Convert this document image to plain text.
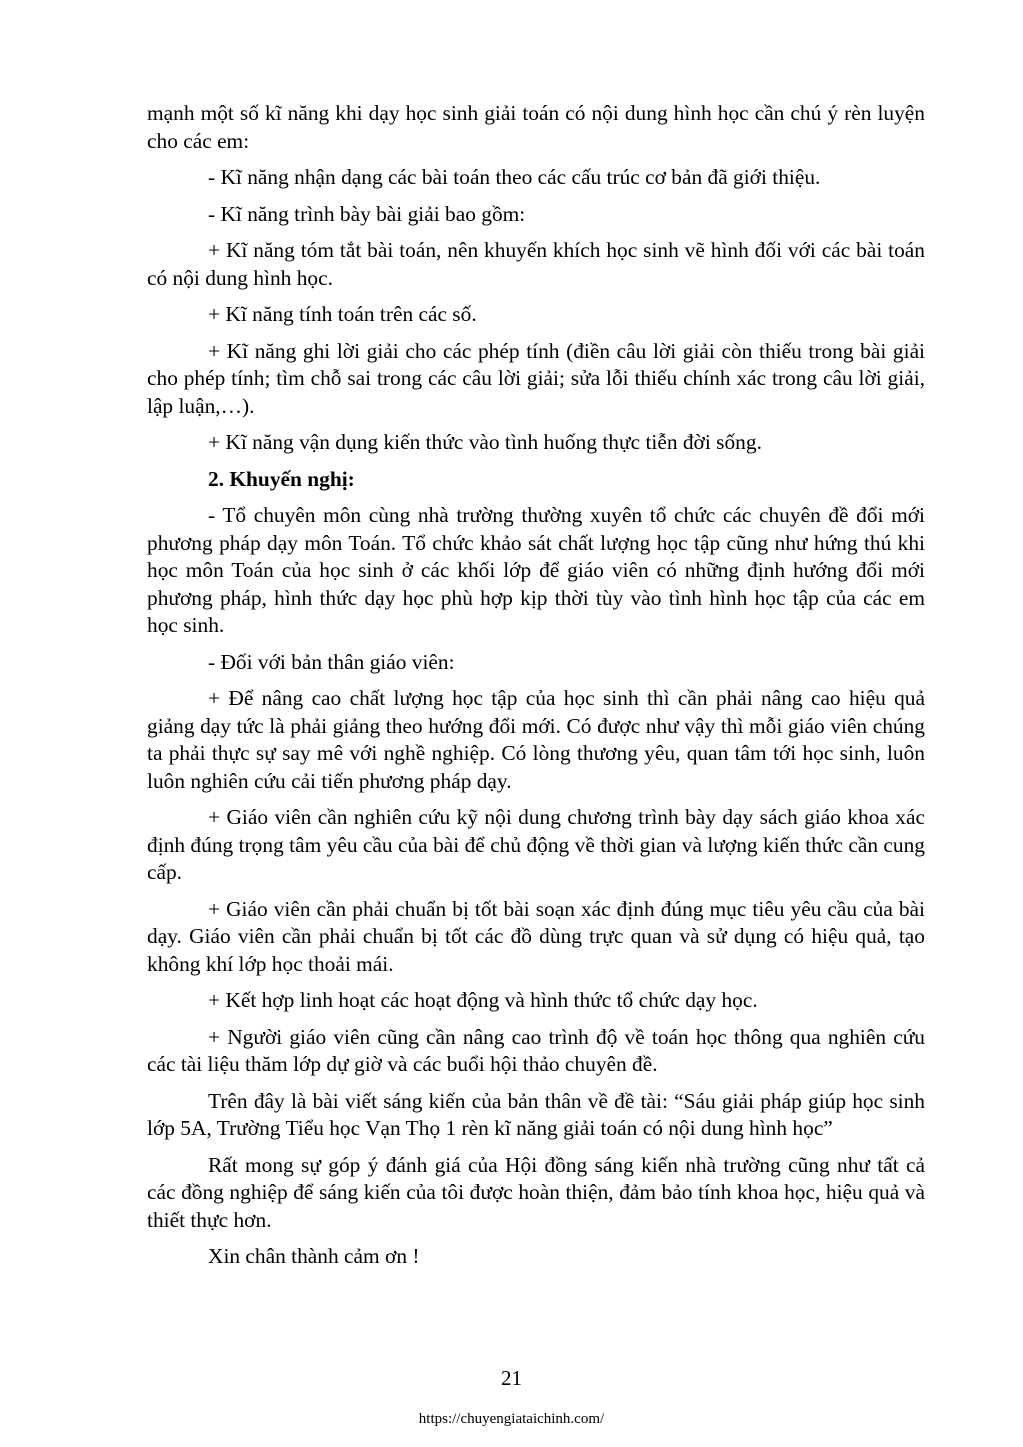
mạnh một số kĩ năng khi dạy học sinh giải toán có nội dung hình học cần chú ý rèn luyện cho các em:

- Kĩ năng nhận dạng các bài toán theo các cấu trúc cơ bản đã giới thiệu.

- Kĩ năng trình bày bài giải bao gồm:

+ Kĩ năng tóm tắt bài toán, nên khuyến khích học sinh vẽ hình đối với các bài toán có nội dung hình học.

+ Kĩ năng tính toán trên các số.

+ Kĩ năng ghi lời giải cho các phép tính (điền câu lời giải còn thiếu trong bài giải cho phép tính; tìm chỗ sai trong các câu lời giải; sửa lỗi thiếu chính xác trong câu lời giải, lập luận,…).

+ Kĩ năng vận dụng kiến thức vào tình huống thực tiễn đời sống.

2. Khuyến nghị:

- Tổ chuyên môn cùng nhà trường thường xuyên tổ chức các chuyên đề đổi mới phương pháp dạy môn Toán. Tổ chức khảo sát chất lượng học tập cũng như hứng thú khi học môn Toán của học sinh ở các khối lớp để giáo viên có những định hướng đổi mới phương pháp, hình thức dạy học phù hợp kịp thời tùy vào tình hình học tập của các em học sinh.

- Đối với bản thân giáo viên:

+ Để nâng cao chất lượng học tập của học sinh thì cần phải nâng cao hiệu quả giảng dạy tức là phải giảng theo hướng đổi mới. Có được như vậy thì mỗi giáo viên chúng ta phải thực sự say mê với nghề nghiệp. Có lòng thương yêu, quan tâm tới học sinh, luôn luôn nghiên cứu cải tiến phương pháp dạy.

+ Giáo viên cần nghiên cứu kỹ nội dung chương trình bày dạy sách giáo khoa xác định đúng trọng tâm yêu cầu của bài để chủ động về thời gian và lượng kiến thức cần cung cấp.

+ Giáo viên cần phải chuẩn bị tốt bài soạn xác định đúng mục tiêu yêu cầu của bài dạy. Giáo viên cần phải chuẩn bị tốt các đồ dùng trực quan và sử dụng có hiệu quả, tạo không khí lớp học thoải mái.

+ Kết hợp linh hoạt các hoạt động và hình thức tổ chức dạy học.

+ Người giáo viên cũng cần nâng cao trình độ về toán học thông qua nghiên cứu các tài liệu thăm lớp dự giờ và các buổi hội thảo chuyên đề.

Trên đây là bài viết sáng kiến của bản thân về đề tài: “Sáu giải pháp giúp học sinh lớp 5A, Trường Tiểu học Vạn Thọ 1 rèn kĩ năng giải toán có nội dung hình học”

Rất mong sự góp ý đánh giá của Hội đồng sáng kiến nhà trường cũng như tất cả các đồng nghiệp để sáng kiến của tôi được hoàn thiện, đảm bảo tính khoa học, hiệu quả và thiết thực hơn.

Xin chân thành cảm ơn !

21
https://chuyengiataichinh.com/
